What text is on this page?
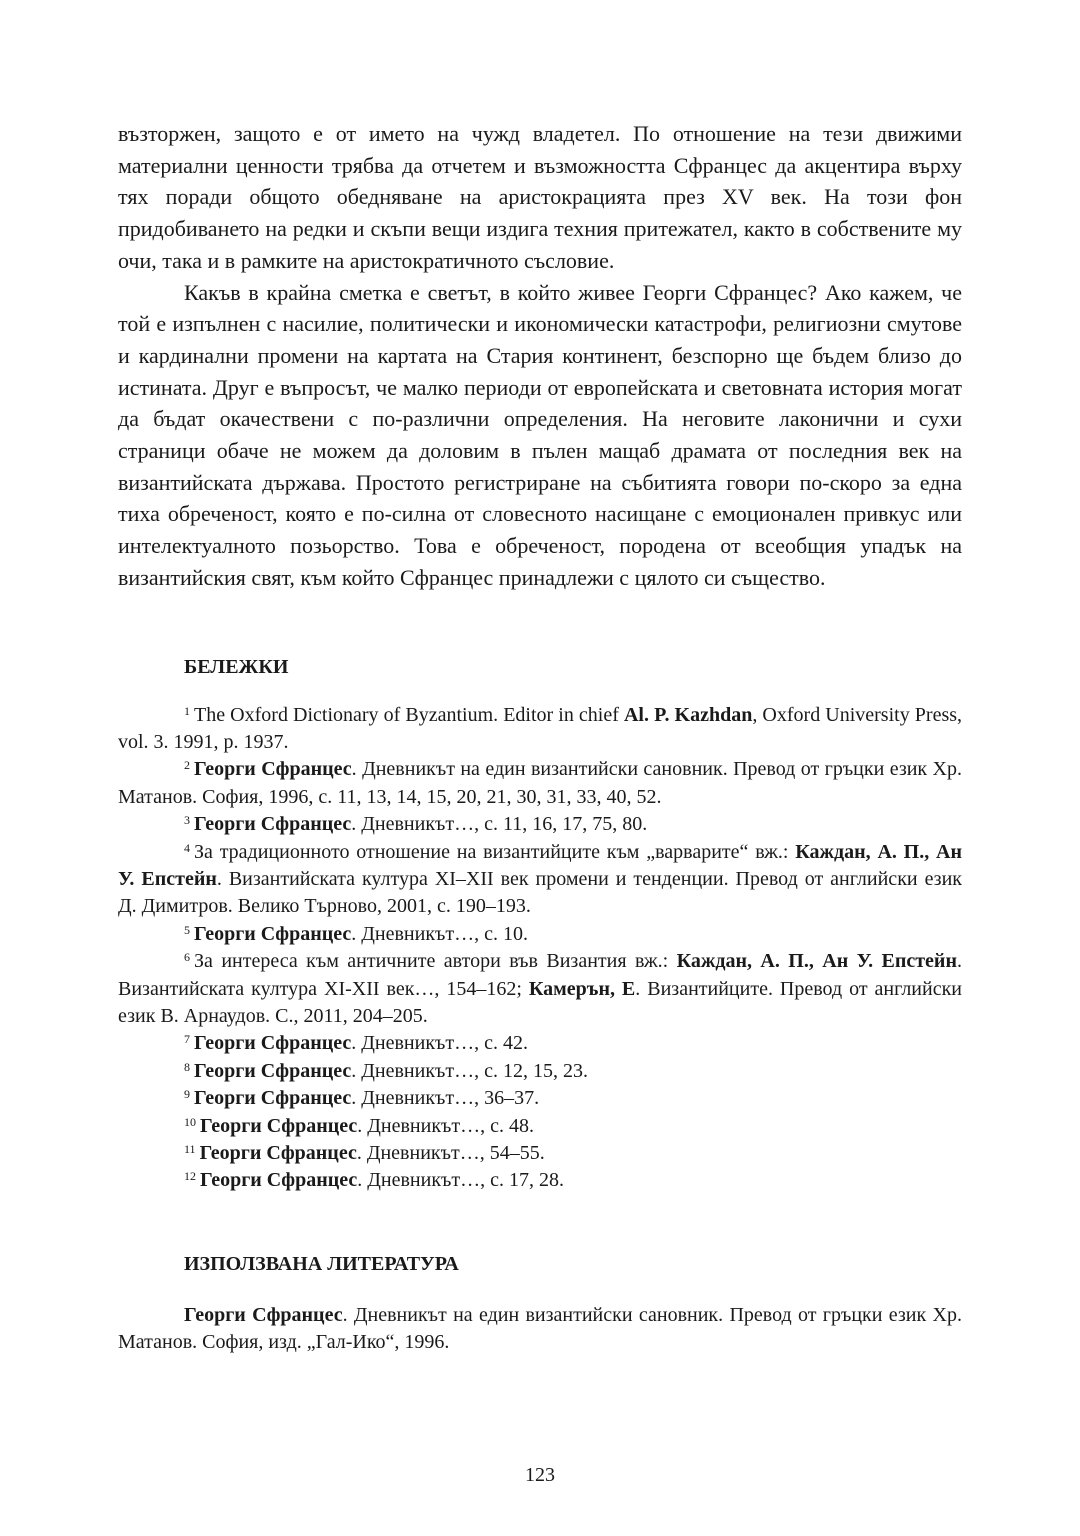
възторжен, защото е от името на чужд владетел. По отношение на тези движими материални ценности трябва да отчетем и възможността Сфранцес да акцентира върху тях поради общото обедняване на аристокрацията през XV век. На този фон придобиването на редки и скъпи вещи издига техния притежател, както в собствените му очи, така и в рамките на аристократичното съсловие.

Какъв в крайна сметка е светът, в който живее Георги Сфранцес? Ако кажем, че той е изпълнен с насилие, политически и икономически катастрофи, религиозни смутове и кардинални промени на картата на Стария континент, безспорно ще бъдем близо до истината. Друг е въпросът, че малко периоди от европейската и световната история могат да бъдат окачествени с по-различни определения. На неговите лаконични и сухи страници обаче не можем да доловим в пълен мащаб драмата от последния век на византийската държава. Простото регистриране на събитията говори по-скоро за една тиха обреченост, която е по-силна от словесното насищане с емоционален привкус или интелектуалното позьорство. Това е обреченост, породена от всеобщия упадък на византийския свят, към който Сфранцес принадлежи с цялото си същество.

БЕЛЕЖКИ

$^1$ The Oxford Dictionary of Byzantium. Editor in chief Al. P. Kazhdan, Oxford University Press, vol. 3. 1991, p. 1937.

$^2$ Георги Сфранцес. Дневникът на един византийски сановник. Превод от гръцки език Хр. Матанов. София, 1996, с. 11, 13, 14, 15, 20, 21, 30, 31, 33, 40, 52.

$^3$ Георги Сфранцес. Дневникът…, с. 11, 16, 17, 75, 80.

$^4$ За традиционното отношение на византийците към „варварите“ вж.: Каждан, А. П., Ан У. Епстейн. Византийската култура XI–XII век промени и тенденции. Превод от английски език Д. Димитров. Велико Търново, 2001, с. 190–193.

$^5$ Георги Сфранцес. Дневникът…, с. 10.

$^6$ За интереса към античните автори във Византия вж.: Каждан, А. П., Ан У. Епстейн. Византийската култура XI-XII век…, 154–162; Камерън, Е. Византийците. Превод от английски език В. Арнаудов. С., 2011, 204–205.

$^7$ Георги Сфранцес. Дневникът…, с. 42.

$^8$ Георги Сфранцес. Дневникът…, с. 12, 15, 23.

$^9$ Георги Сфранцес. Дневникът…, 36–37.

$^{10}$ Георги Сфранцес. Дневникът…, с. 48.

$^{11}$ Георги Сфранцес. Дневникът…, 54–55.

$^{12}$ Георги Сфранцес. Дневникът…, с. 17, 28.

ИЗПОЛЗВАНА ЛИТЕРАТУРА

Георги Сфранцес. Дневникът на един византийски сановник. Превод от гръцки език Хр. Матанов. София, изд. „Гал-Ико“, 1996.

123
